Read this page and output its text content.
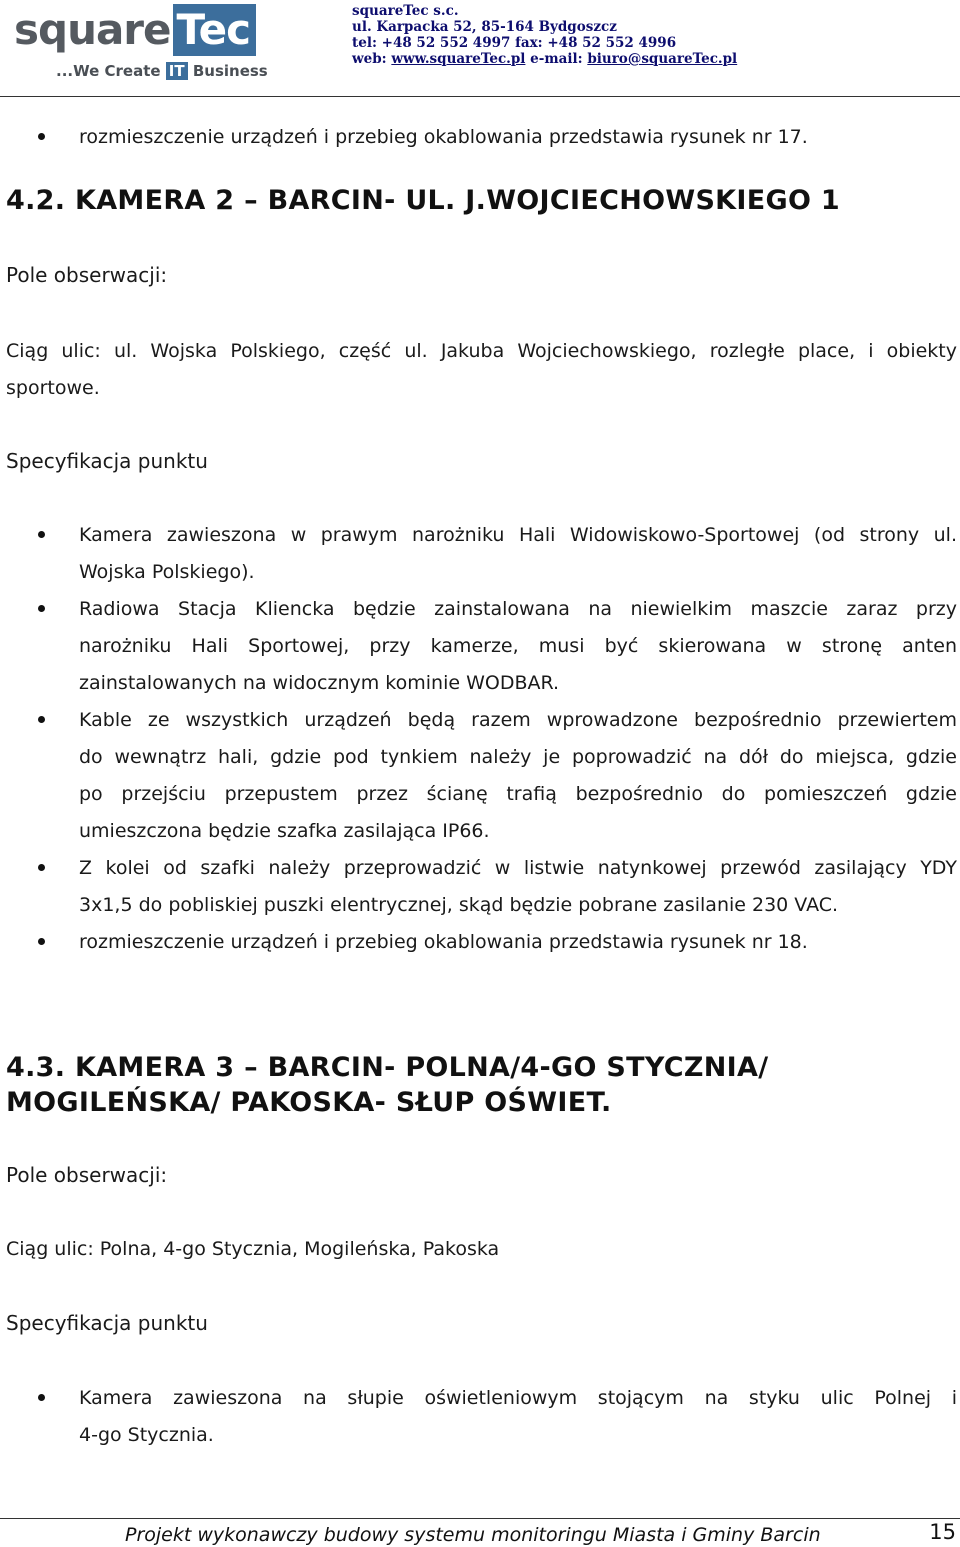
square Tec
...We Create IT Business
squareTec s.c.
ul. Karpacka 52, 85-164 Bydgoszcz
tel: +48 52 552 4997 fax: +48 52 552 4996
web: www.squareTec.pl e-mail: biuro@squareTec.pl
rozmieszczenie urządzeń i przebieg okablowania przedstawia rysunek nr 17.
4.2. KAMERA 2 – BARCIN- UL. J.WOJCIECHOWSKIEGO 1
Pole obserwacji:
Ciąg ulic: ul. Wojska Polskiego, część ul. Jakuba Wojciechowskiego, rozległe place, i obiekty
sportowe.
Specyfikacja punktu
Kamera zawieszona w prawym narożniku Hali Widowiskowo-Sportowej (od strony ul.
Wojska Polskiego).
Radiowa Stacja Kliencka będzie zainstalowana na niewielkim maszcie zaraz przy
narożniku Hali Sportowej, przy kamerze, musi być skierowana w stronę anten
zainstalowanych na widocznym kominie WODBAR.
Kable ze wszystkich urządzeń będą razem wprowadzone bezpośrednio przewiertem
do wewnątrz hali, gdzie pod tynkiem należy je poprowadzić na dół do miejsca, gdzie
po przejściu przepustem przez ścianę trafią bezpośrednio do pomieszczeń gdzie
umieszczona będzie szafka zasilająca IP66.
Z kolei od szafki należy przeprowadzić w listwie natynkowej przewód zasilający YDY
3x1,5 do pobliskiej puszki elentrycznej, skąd będzie pobrane zasilanie 230 VAC.
rozmieszczenie urządzeń i przebieg okablowania przedstawia rysunek nr 18.
4.3. KAMERA 3 – BARCIN- POLNA/4-GO STYCZNIA/
MOGILEŃSKA/ PAKOSKA- SŁUP OŚWIET.
Pole obserwacji:
Ciąg ulic: Polna, 4-go Stycznia, Mogileńska, Pakoska
Specyfikacja punktu
Kamera zawieszona na słupie oświetleniowym stojącym na styku ulic Polnej i
4-go Stycznia.
Projekt wykonawczy budowy systemu monitoringu Miasta i Gminy Barcin	15
